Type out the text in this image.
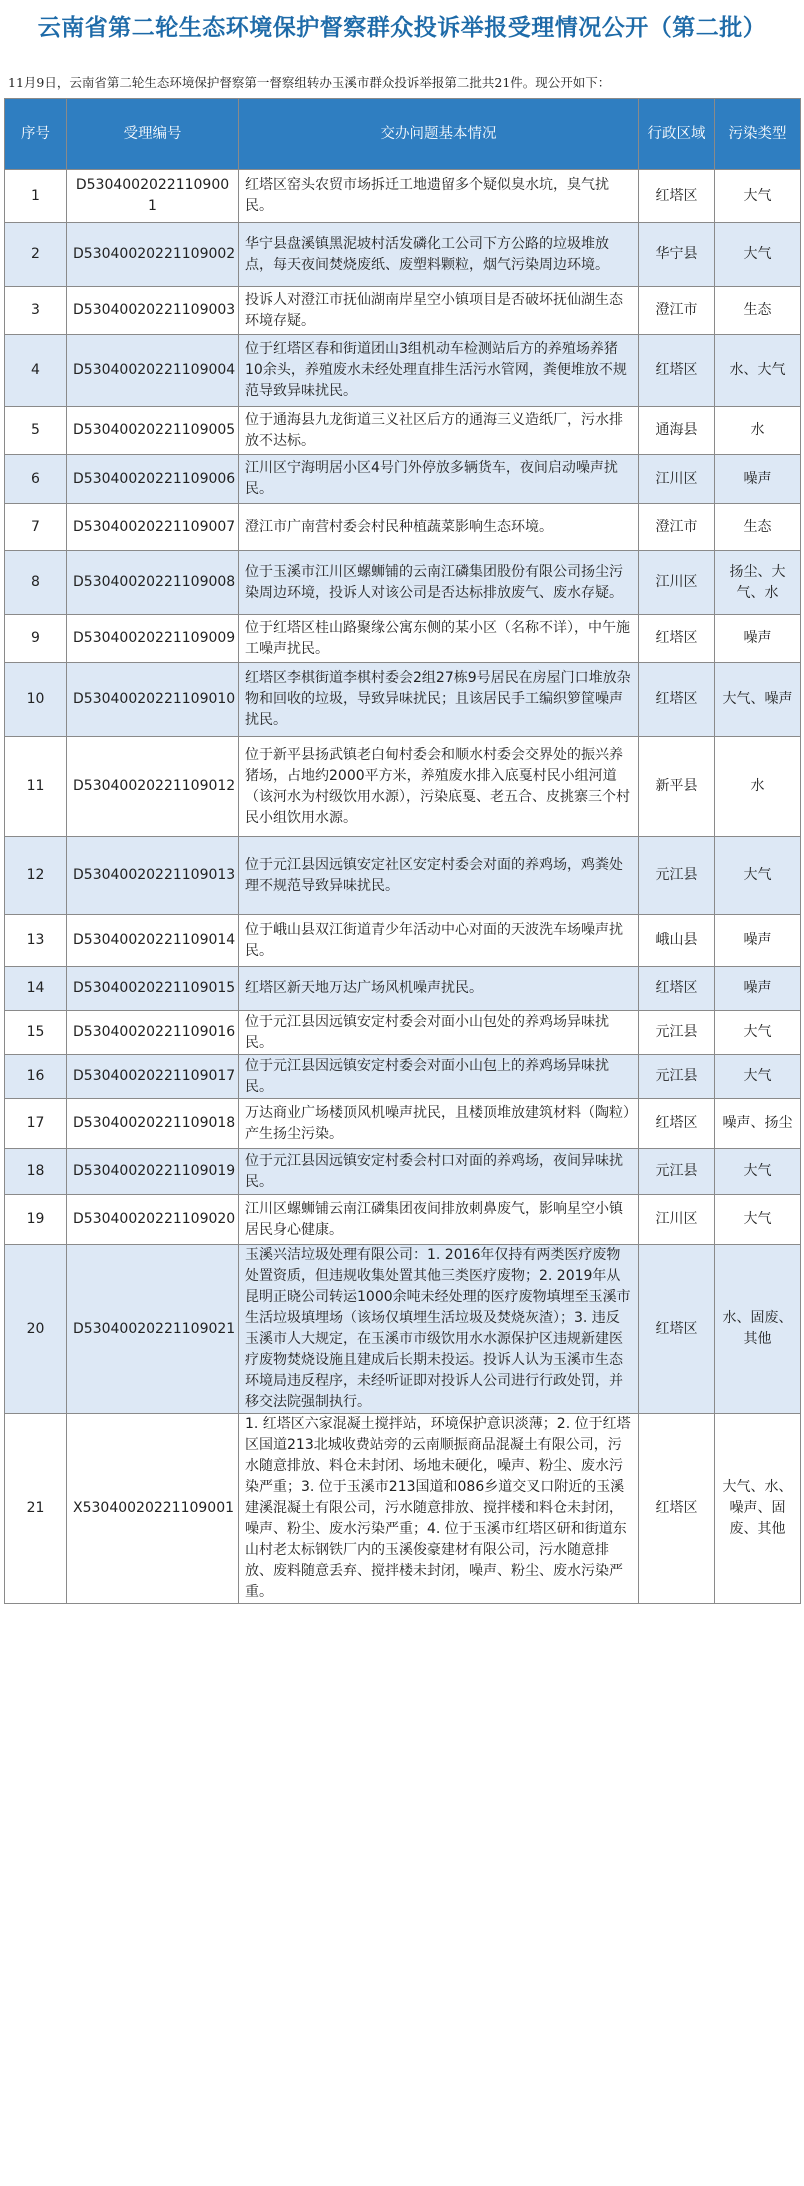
云南省第二轮生态环境保护督察群众投诉举报受理情况公开（第二批）
11月9日，云南省第二轮生态环境保护督察第一督察组转办玉溪市群众投诉举报第二批共21件。现公开如下：
序号	受理编号	交办问题基本情况	行政区域	污染类型
1	D5304002022110900​1	红塔区窑头农贸市场拆迁工地遗留多个疑似臭水坑，臭气扰民。	红塔区	大气
2	D53040020221109002	华宁县盘溪镇黑泥坡村活发磷化工公司下方公路的垃圾堆放点，每天夜间焚烧废纸、废塑料颗粒，烟气污染周边环境。	华宁县	大气
3	D53040020221109003	投诉人对澄江市抚仙湖南岸星空小镇项目是否破坏抚仙湖生态环境存疑。	澄江市	生态
4	D53040020221109004	位于红塔区春和街道团山3组机动车检测站后方的养殖场养猪10余头，养殖废水未经处理直排生活污水管网，粪便堆放不规范导致异味扰民。	红塔区	水、大气
5	D53040020221109005	位于通海县九龙街道三义社区后方的通海三义造纸厂，污水排放不达标。	通海县	水
6	D53040020221109006	江川区宁海明居小区4号门外停放多辆货车，夜间启动噪声扰民。	江川区	噪声
7	D53040020221109007	澄江市广南营村委会村民种植蔬菜影响生态环境。	澄江市	生态
8	D53040020221109008	位于玉溪市江川区螺蛳铺的云南江磷集团股份有限公司扬尘污染周边环境，投诉人对该公司是否达标排放废气、废水存疑。	江川区	扬尘、大气、水
9	D53040020221109009	位于红塔区桂山路聚缘公寓东侧的某小区（名称不详），中午施工噪声扰民。	红塔区	噪声
10	D53040020221109010	红塔区李棋街道李棋村委会2组27栋9号居民在房屋门口堆放杂物和回收的垃圾，导致异味扰民；且该居民手工编织箩筐噪声扰民。	红塔区	大气、噪声
11	D53040020221109012	位于新平县扬武镇老白甸村委会和顺水村委会交界处的振兴养猪场，占地约2000平方米，养殖废水排入底戛村民小组河道（该河水为村级饮用水源），污染底戛、老五合、皮挑寨三个村民小组饮用水源。	新平县	水
12	D53040020221109013	位于元江县因远镇安定社区安定村委会对面的养鸡场，鸡粪处理不规范导致异味扰民。	元江县	大气
13	D53040020221109014	位于峨山县双江街道青少年活动中心对面的天波洗车场噪声扰民。	峨山县	噪声
14	D53040020221109015	红塔区新天地万达广场风机噪声扰民。	红塔区	噪声
15	D53040020221109016	位于元江县因远镇安定村委会对面小山包处的养鸡场异味扰民。	元江县	大气
16	D53040020221109017	位于元江县因远镇安定村委会对面小山包上的养鸡场异味扰民。	元江县	大气
17	D53040020221109018	万达商业广场楼顶风机噪声扰民，且楼顶堆放建筑材料（陶粒）产生扬尘污染。	红塔区	噪声、扬尘
18	D53040020221109019	位于元江县因远镇安定村委会村口对面的养鸡场，夜间异味扰民。	元江县	大气
19	D53040020221109020	江川区螺蛳铺云南江磷集团夜间排放刺鼻废气，影响星空小镇居民身心健康。	江川区	大气
20	D53040020221109021	玉溪兴洁垃圾处理有限公司：1. 2016年仅持有两类医疗废物处置资质，但违规收集处置其他三类医疗废物；2. 2019年从昆明正晓公司转运1000余吨未经处理的医疗废物填埋至玉溪市生活垃圾填埋场（该场仅填埋生活垃圾及焚烧灰渣）；3. 违反玉溪市人大规定，在玉溪市市级饮用水水源保护区违规新建医疗废物焚烧设施且建成后长期未投运。投诉人认为玉溪市生态环境局违反程序，未经听证即对投诉人公司进行行政处罚，并移交法院强制执行。	红塔区	水、固废、其他
21	X53040020221109001	1. 红塔区六家混凝土搅拌站，环境保护意识淡薄；2. 位于红塔区国道213北城收费站旁的云南顺振商品混凝土有限公司，污水随意排放、料仓未封闭、场地未硬化，噪声、粉尘、废水污染严重；3. 位于玉溪市213国道和086乡道交叉口附近的玉溪建溪混凝土有限公司，污水随意排放、搅拌楼和料仓未封闭，噪声、粉尘、废水污染严重；4. 位于玉溪市红塔区研和街道东山村老太标钢铁厂内的玉溪俊豪建材有限公司，污水随意排放、废料随意丢弃、搅拌楼未封闭，噪声、粉尘、废水污染严重。	红塔区	大气、水、噪声、固废、其他
